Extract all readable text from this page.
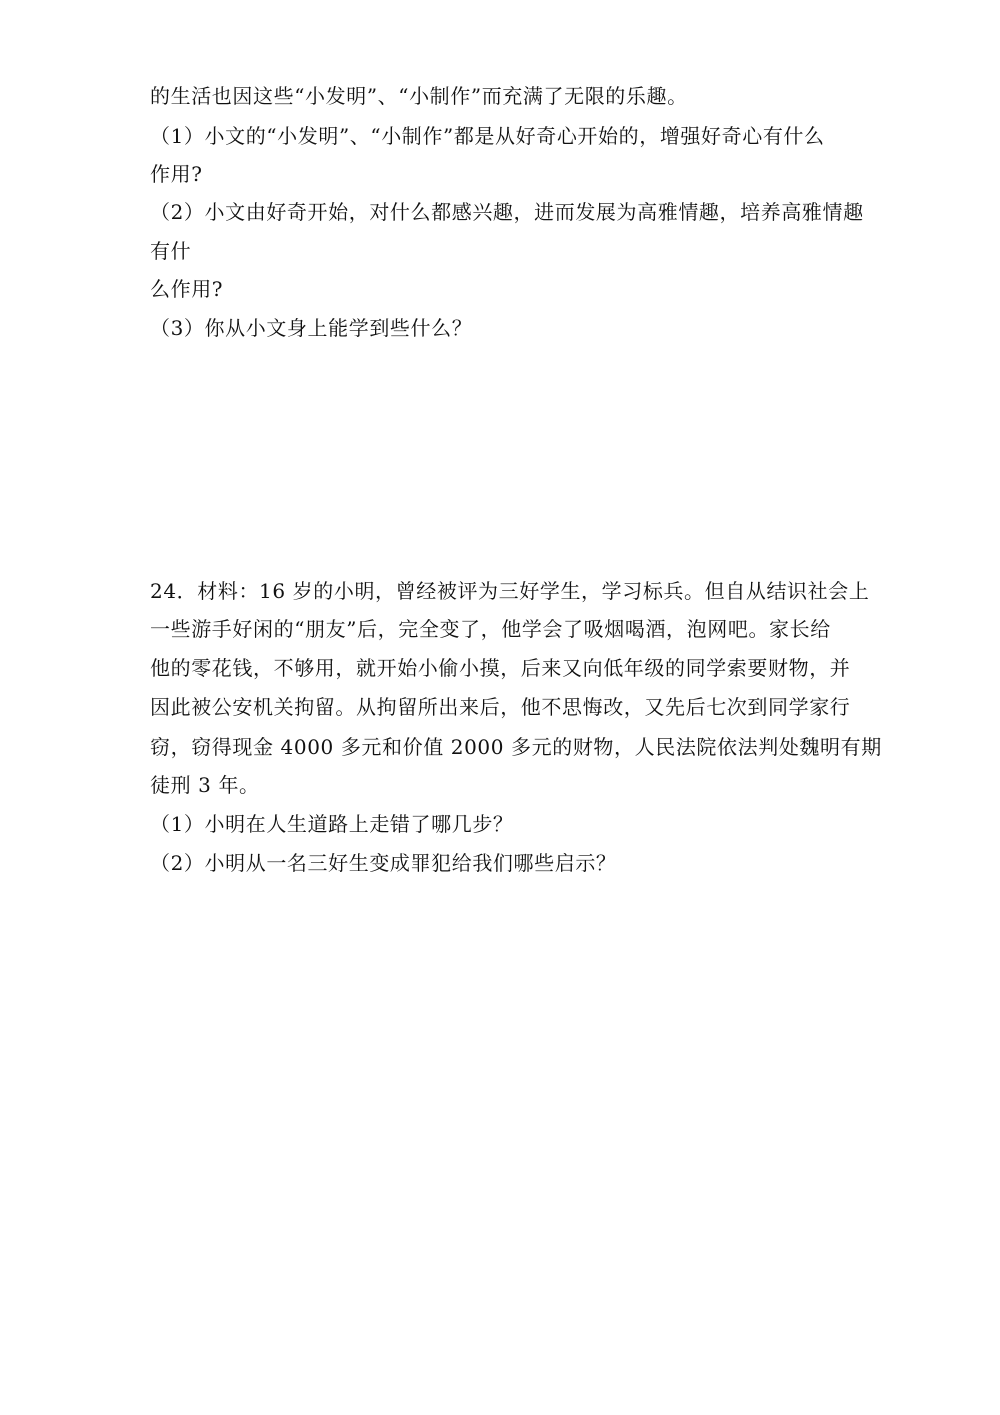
的生活也因这些“小发明”、“小制作”而充满了无限的乐趣。
（1）小文的“小发明”、“小制作”都是从好奇心开始的，增强好奇心有什么
作用?
（2）小文由好奇开始，对什么都感兴趣，进而发展为高雅情趣，培养高雅情趣
有什
么作用?
（3）你从小文身上能学到些什么？
24．材料：16 岁的小明，曾经被评为三好学生，学习标兵。但自从结识社会上
一些游手好闲的“朋友”后，完全变了，他学会了吸烟喝酒，泡网吧。家长给
他的零花钱，不够用，就开始小偷小摸，后来又向低年级的同学索要财物，并
因此被公安机关拘留。从拘留所出来后，他不思悔改，又先后七次到同学家行
窃，窃得现金 4000 多元和价值 2000 多元的财物，人民法院依法判处魏明有期
徒刑 3 年。
（1）小明在人生道路上走错了哪几步？
（2）小明从一名三好生变成罪犯给我们哪些启示？
